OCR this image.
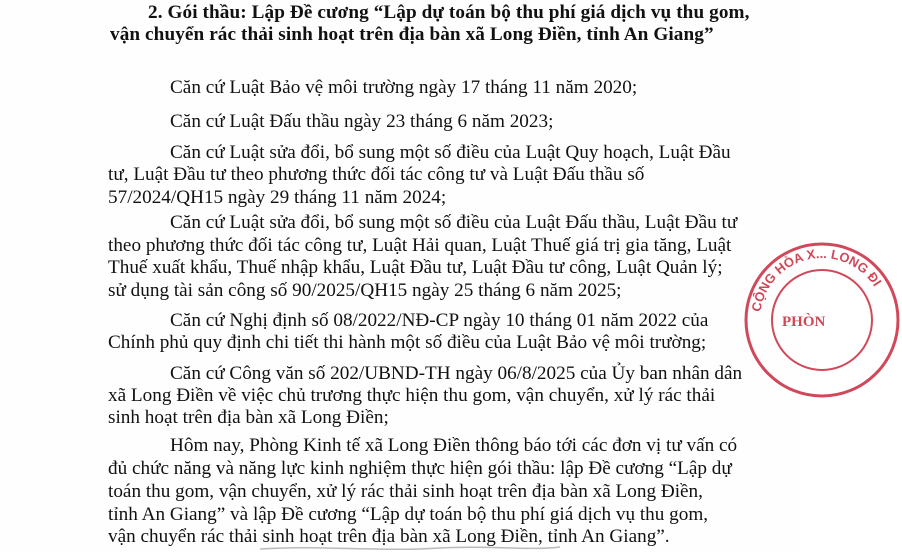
2. Gói thầu: Lập Đề cương “Lập dự toán bộ thu phí giá dịch vụ thu gom,
vận chuyển rác thải sinh hoạt trên địa bàn xã Long Điền, tỉnh An Giang”
Căn cứ Luật Bảo vệ môi trường ngày 17 tháng 11 năm 2020;
Căn cứ Luật Đấu thầu ngày 23 tháng 6 năm 2023;
Căn cứ Luật sửa đổi, bổ sung một số điều của Luật Quy hoạch, Luật Đầu
tư, Luật Đầu tư theo phương thức đối tác công tư và Luật Đấu thầu số
57/2024/QH15 ngày 29 tháng 11 năm 2024;
Căn cứ Luật sửa đổi, bổ sung một số điều của Luật Đấu thầu, Luật Đầu tư
theo phương thức đối tác công tư, Luật Hải quan, Luật Thuế giá trị gia tăng, Luật
Thuế xuất khẩu, Thuế nhập khẩu, Luật Đầu tư, Luật Đầu tư công, Luật Quản lý;
sử dụng tài sản công số 90/2025/QH15 ngày 25 tháng 6 năm 2025;
Căn cứ Nghị định số 08/2022/NĐ-CP ngày 10 tháng 01 năm 2022 của
Chính phủ quy định chi tiết thi hành một số điều của Luật Bảo vệ môi trường;
Căn cứ Công văn số 202/UBND-TH ngày 06/8/2025 của Ủy ban nhân dân
xã Long Điền về việc chủ trương thực hiện thu gom, vận chuyển, xử lý rác thải
sinh hoạt trên địa bàn xã Long Điền;
Hôm nay, Phòng Kinh tế xã Long Điền thông báo tới các đơn vị tư vấn có
đủ chức năng và năng lực kinh nghiệm thực hiện gói thầu: lập Đề cương “Lập dự
toán thu gom, vận chuyển, xử lý rác thải sinh hoạt trên địa bàn xã Long Điền,
tỉnh An Giang” và lập Đề cương “Lập dự toán bộ thu phí giá dịch vụ thu gom,
vận chuyển rác thải sinh hoạt trên địa bàn xã Long Điền, tỉnh An Giang”.
CỘNG HÒA X... LONG ĐI
PHÒN
